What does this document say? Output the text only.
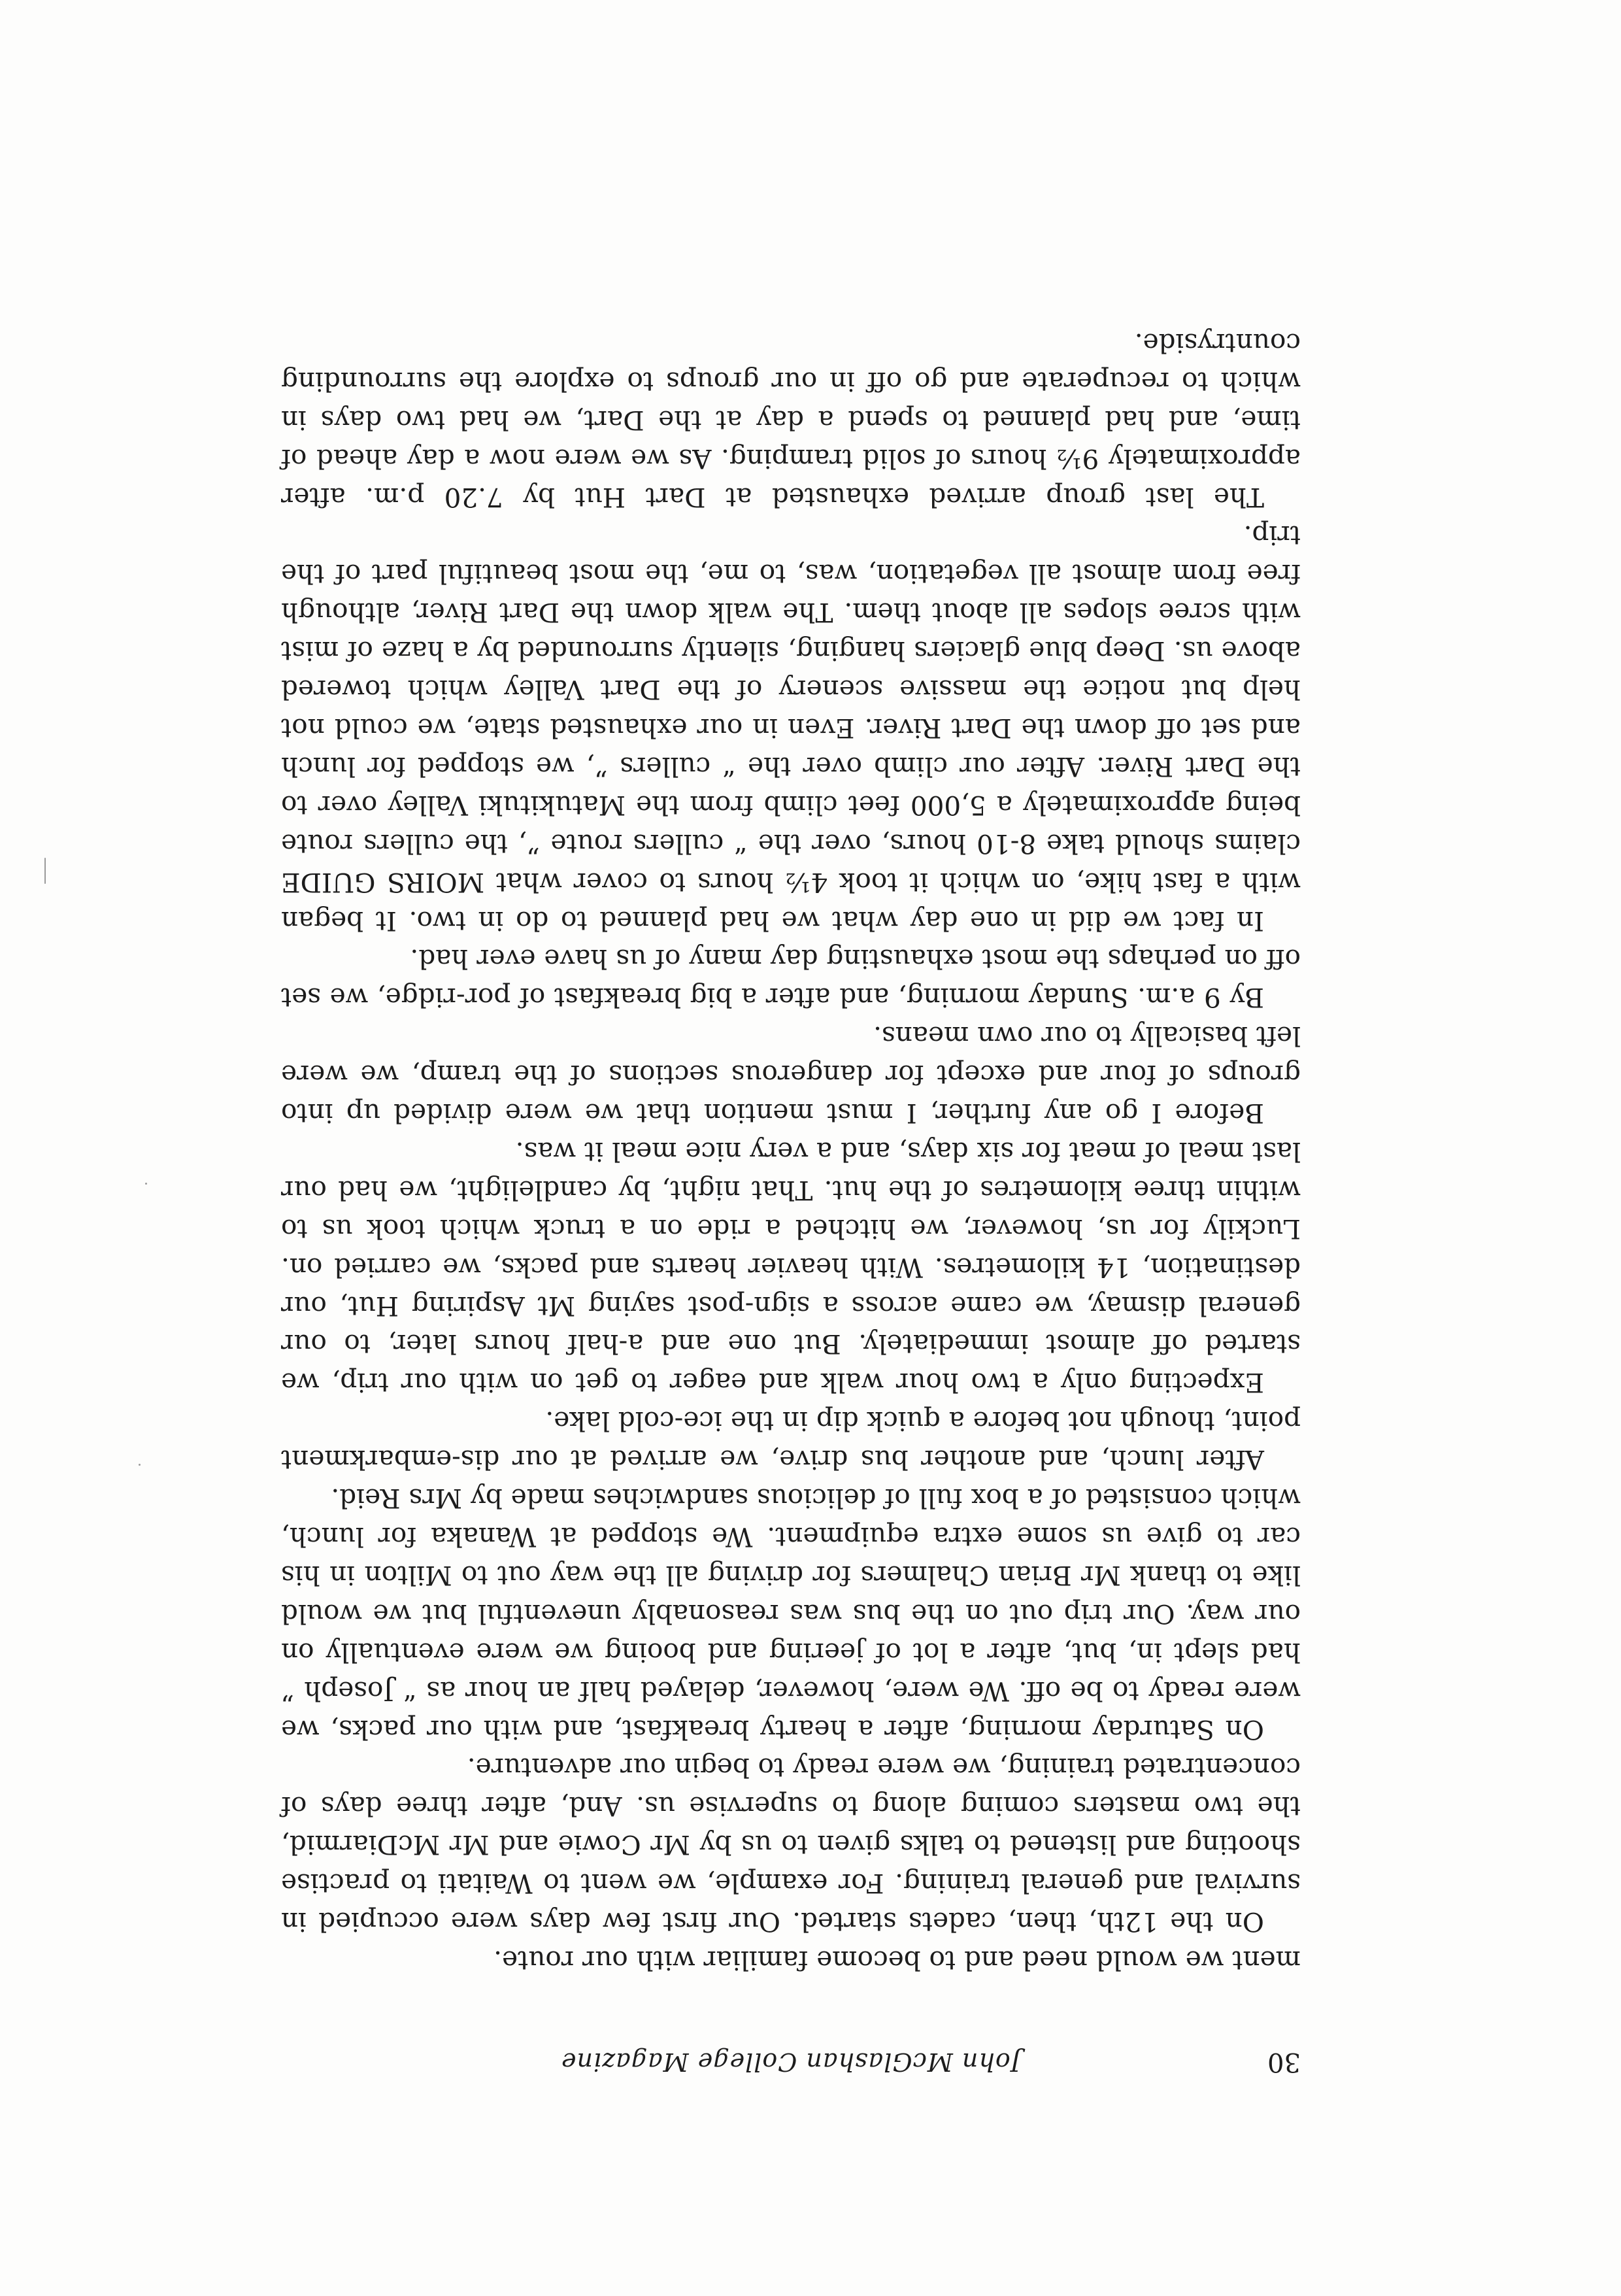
30
John McGlashan College Magazine

ment we would need and to become familiar with our route.

On the 12th, then, cadets started. Our first few days were occupied in survival and general training. For example, we went to Waitati to practise shooting and listened to talks given to us by Mr Cowie and Mr McDiarmid, the two masters coming along to supervise us. And, after three days of concentrated training, we were ready to begin our adventure.

On Saturday morning, after a hearty breakfast, and with our packs, we were ready to be off. We were, however, delayed half an hour as “ Joseph ” had slept in, but, after a lot of jeering and booing we were eventually on our way. Our trip out on the bus was reasonably uneventful but we would like to thank Mr Brian Chalmers for driving all the way out to Milton in his car to give us some extra equipment. We stopped at Wanaka for lunch, which consisted of a box full of delicious sandwiches made by Mrs Reid.

After lunch, and another bus drive, we arrived at our dis-embarkment point, though not before a quick dip in the ice-cold lake.

Expecting only a two hour walk and eager to get on with our trip, we started off almost immediately. But one and a-half hours later, to our general dismay, we came across a sign-post saying Mt Aspiring Hut, our destination, 14 kilometres. With heavier hearts and packs, we carried on. Luckily for us, however, we hitched a ride on a truck which took us to within three kilometres of the hut. That night, by candlelight, we had our last meal of meat for six days, and a very nice meal it was.

Before I go any further, I must mention that we were divided up into groups of four and except for dangerous sections of the tramp, we were left basically to our own means.

By 9 a.m. Sunday morning, and after a big breakfast of por-ridge, we set off on perhaps the most exhausting day many of us have ever had.

In fact we did in one day what we had planned to do in two. It began with a fast hike, on which it took 4½ hours to cover what MOIRS GUIDE claims should take 8-10 hours, over the “ cullers route ”, the cullers route being approximately a 5,000 feet climb from the Matukituki Valley over to the Dart River. After our climb over the “ cullers ”, we stopped for lunch and set off down the Dart River. Even in our exhausted state, we could not help but notice the massive scenery of the Dart Valley which towered above us. Deep blue glaciers hanging, silently surrounded by a haze of mist with scree slopes all about them. The walk down the Dart River, although free from almost all vegetation, was, to me, the most beautiful part of the trip.

The last group arrived exhausted at Dart Hut by 7.20 p.m. after approximately 9½ hours of solid tramping. As we were now a day ahead of time, and had planned to spend a day at the Dart, we had two days in which to recuperate and go off in our groups to explore the surrounding countryside.
